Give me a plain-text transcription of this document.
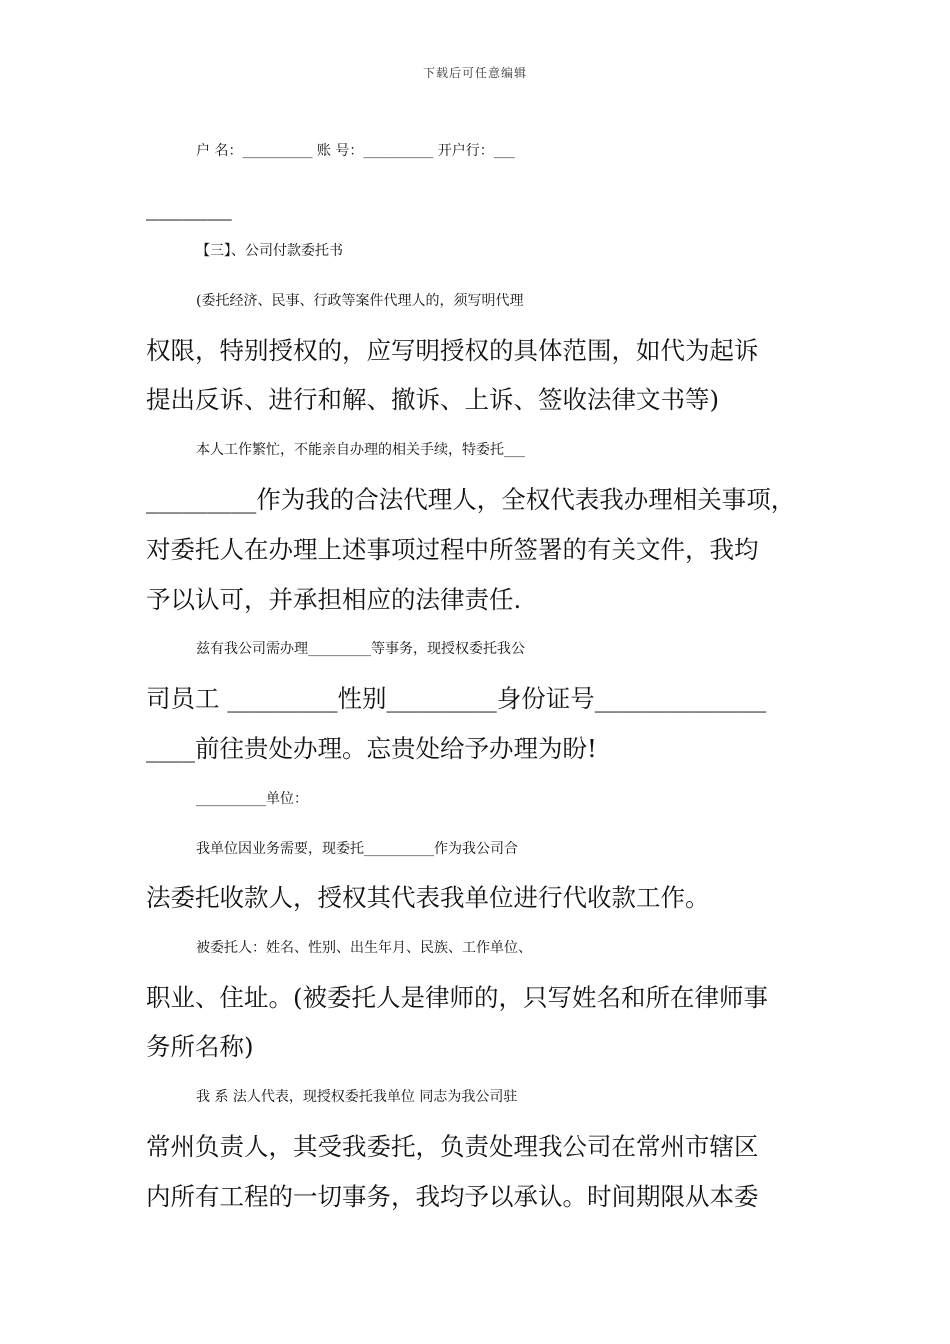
下载后可任意编辑
户 名：__________ 账 号：__________ 开户行：___
_______
【三】、公司付款委托书
(委托经济、民事、行政等案件代理人的，须写明代理
权限，特别授权的，应写明授权的具体范围，如代为起诉
提出反诉、进行和解、撤诉、上诉、签收法律文书等)
本人工作繁忙，不能亲自办理的相关手续，特委托___
_________作为我的合法代理人，全权代表我办理相关事项，
对委托人在办理上述事项过程中所签署的有关文件，我均
予以认可，并承担相应的法律责任.
兹有我公司需办理_________等事务，现授权委托我公
司员工 _________性别_________身份证号______________
____前往贵处办理。忘贵处给予办理为盼!
__________单位：
我单位因业务需要，现委托__________作为我公司合
法委托收款人，授权其代表我单位进行代收款工作。
被委托人：姓名、性别、出生年月、民族、工作单位、
职业、住址。(被委托人是律师的，只写姓名和所在律师事
务所名称)
我 系 法人代表，现授权委托我单位 同志为我公司驻
常州负责人，其受我委托，负责处理我公司在常州市辖区
内所有工程的一切事务，我均予以承认。时间期限从本委
